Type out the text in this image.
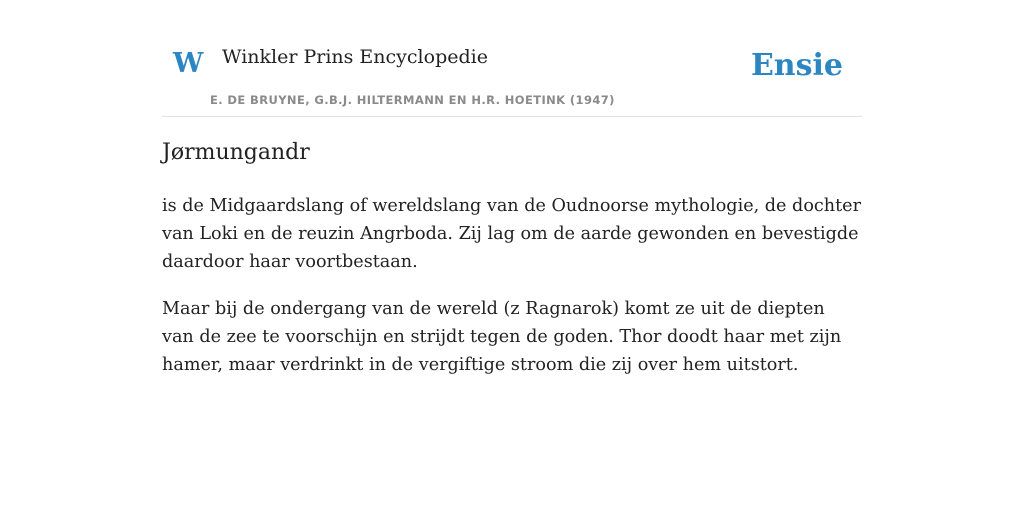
W Winkler Prins Encyclopedie
E. DE BRUYNE, G.B.J. HILTERMANN EN H.R. HOETINK (1947)
Ensie
Jørmungandr

is de Midgaardslang of wereldslang van de Oudnoorse mythologie, de dochter van Loki en de reuzin Angrboda. Zij lag om de aarde gewonden en bevestigde daardoor haar voortbestaan.

Maar bij de ondergang van de wereld (z Ragnarok) komt ze uit de diepten van de zee te voorschijn en strijdt tegen de goden. Thor doodt haar met zijn hamer, maar verdrinkt in de vergiftige stroom die zij over hem uitstort.
